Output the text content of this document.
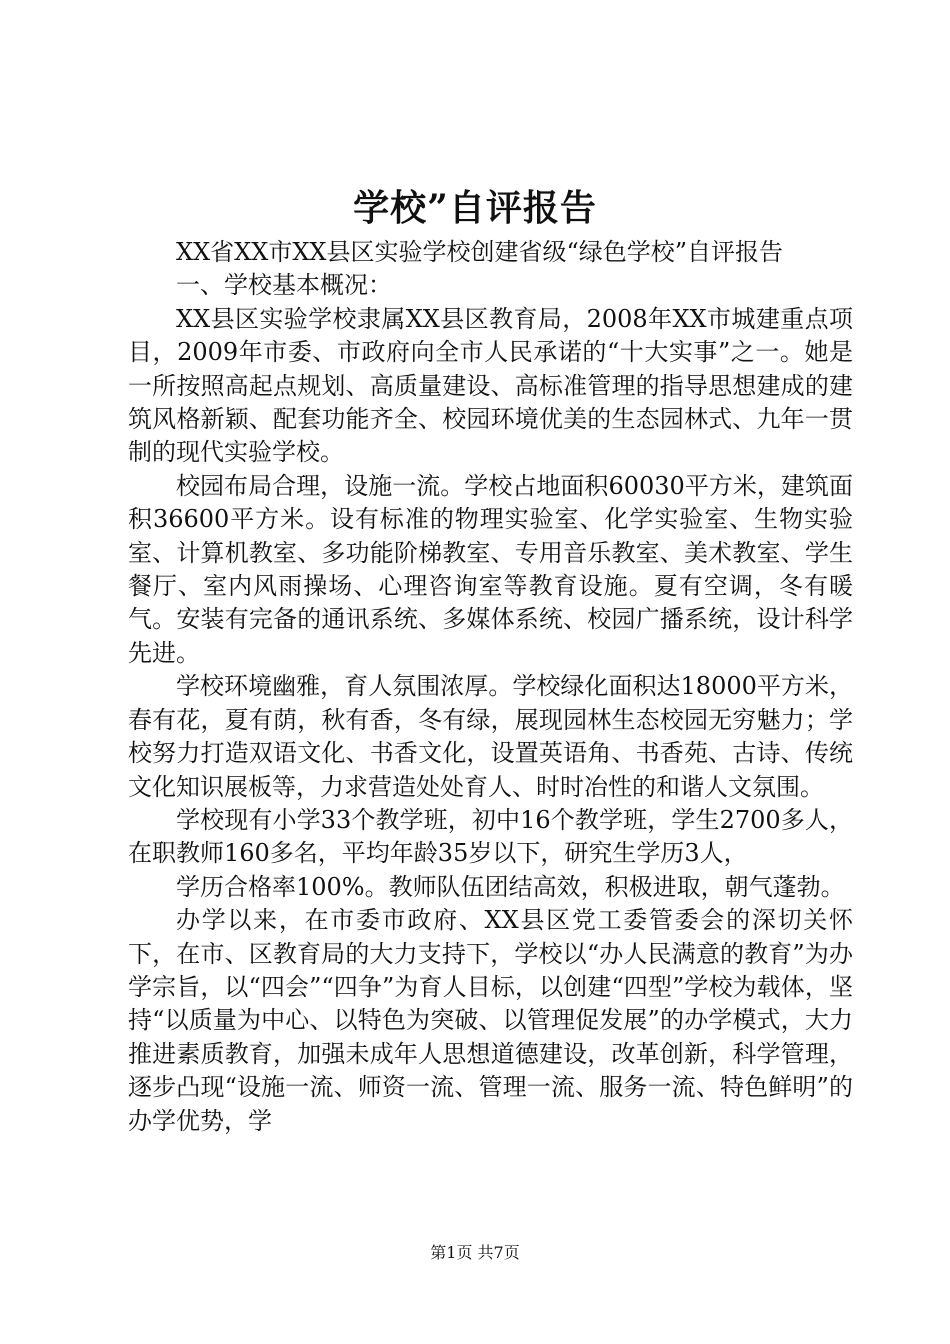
学校”自评报告

XX省XX市XX县区实验学校创建省级“绿色学校”自评报告

一、学校基本概况：

XX县区实验学校隶属XX县区教育局，2008年XX市城建重点项目，2009年市委、市政府向全市人民承诺的“十大实事”之一。她是一所按照高起点规划、高质量建设、高标准管理的指导思想建成的建筑风格新颖、配套功能齐全、校园环境优美的生态园林式、九年一贯制的现代实验学校。

校园布局合理，设施一流。学校占地面积60030平方米，建筑面积36600平方米。设有标准的物理实验室、化学实验室、生物实验室、计算机教室、多功能阶梯教室、专用音乐教室、美术教室、学生餐厅、室内风雨操场、心理咨询室等教育设施。夏有空调，冬有暖气。安装有完备的通讯系统、多媒体系统、校园广播系统，设计科学先进。

学校环境幽雅，育人氛围浓厚。学校绿化面积达18000平方米，春有花，夏有荫，秋有香，冬有绿，展现园林生态校园无穷魅力；学校努力打造双语文化、书香文化，设置英语角、书香苑、古诗、传统文化知识展板等，力求营造处处育人、时时冶性的和谐人文氛围。

学校现有小学33个教学班，初中16个教学班，学生2700多人，在职教师160多名，平均年龄35岁以下，研究生学历3人，

学历合格率100%。教师队伍团结高效，积极进取，朝气蓬勃。

办学以来，在市委市政府、XX县区党工委管委会的深切关怀下，在市、区教育局的大力支持下，学校以“办人民满意的教育”为办学宗旨，以“四会”“四争”为育人目标，以创建“四型”学校为载体，坚持“以质量为中心、以特色为突破、以管理促发展”的办学模式，大力推进素质教育，加强未成年人思想道德建设，改革创新，科学管理，逐步凸现“设施一流、师资一流、管理一流、服务一流、特色鲜明”的办学优势，学

第1页 共7页
